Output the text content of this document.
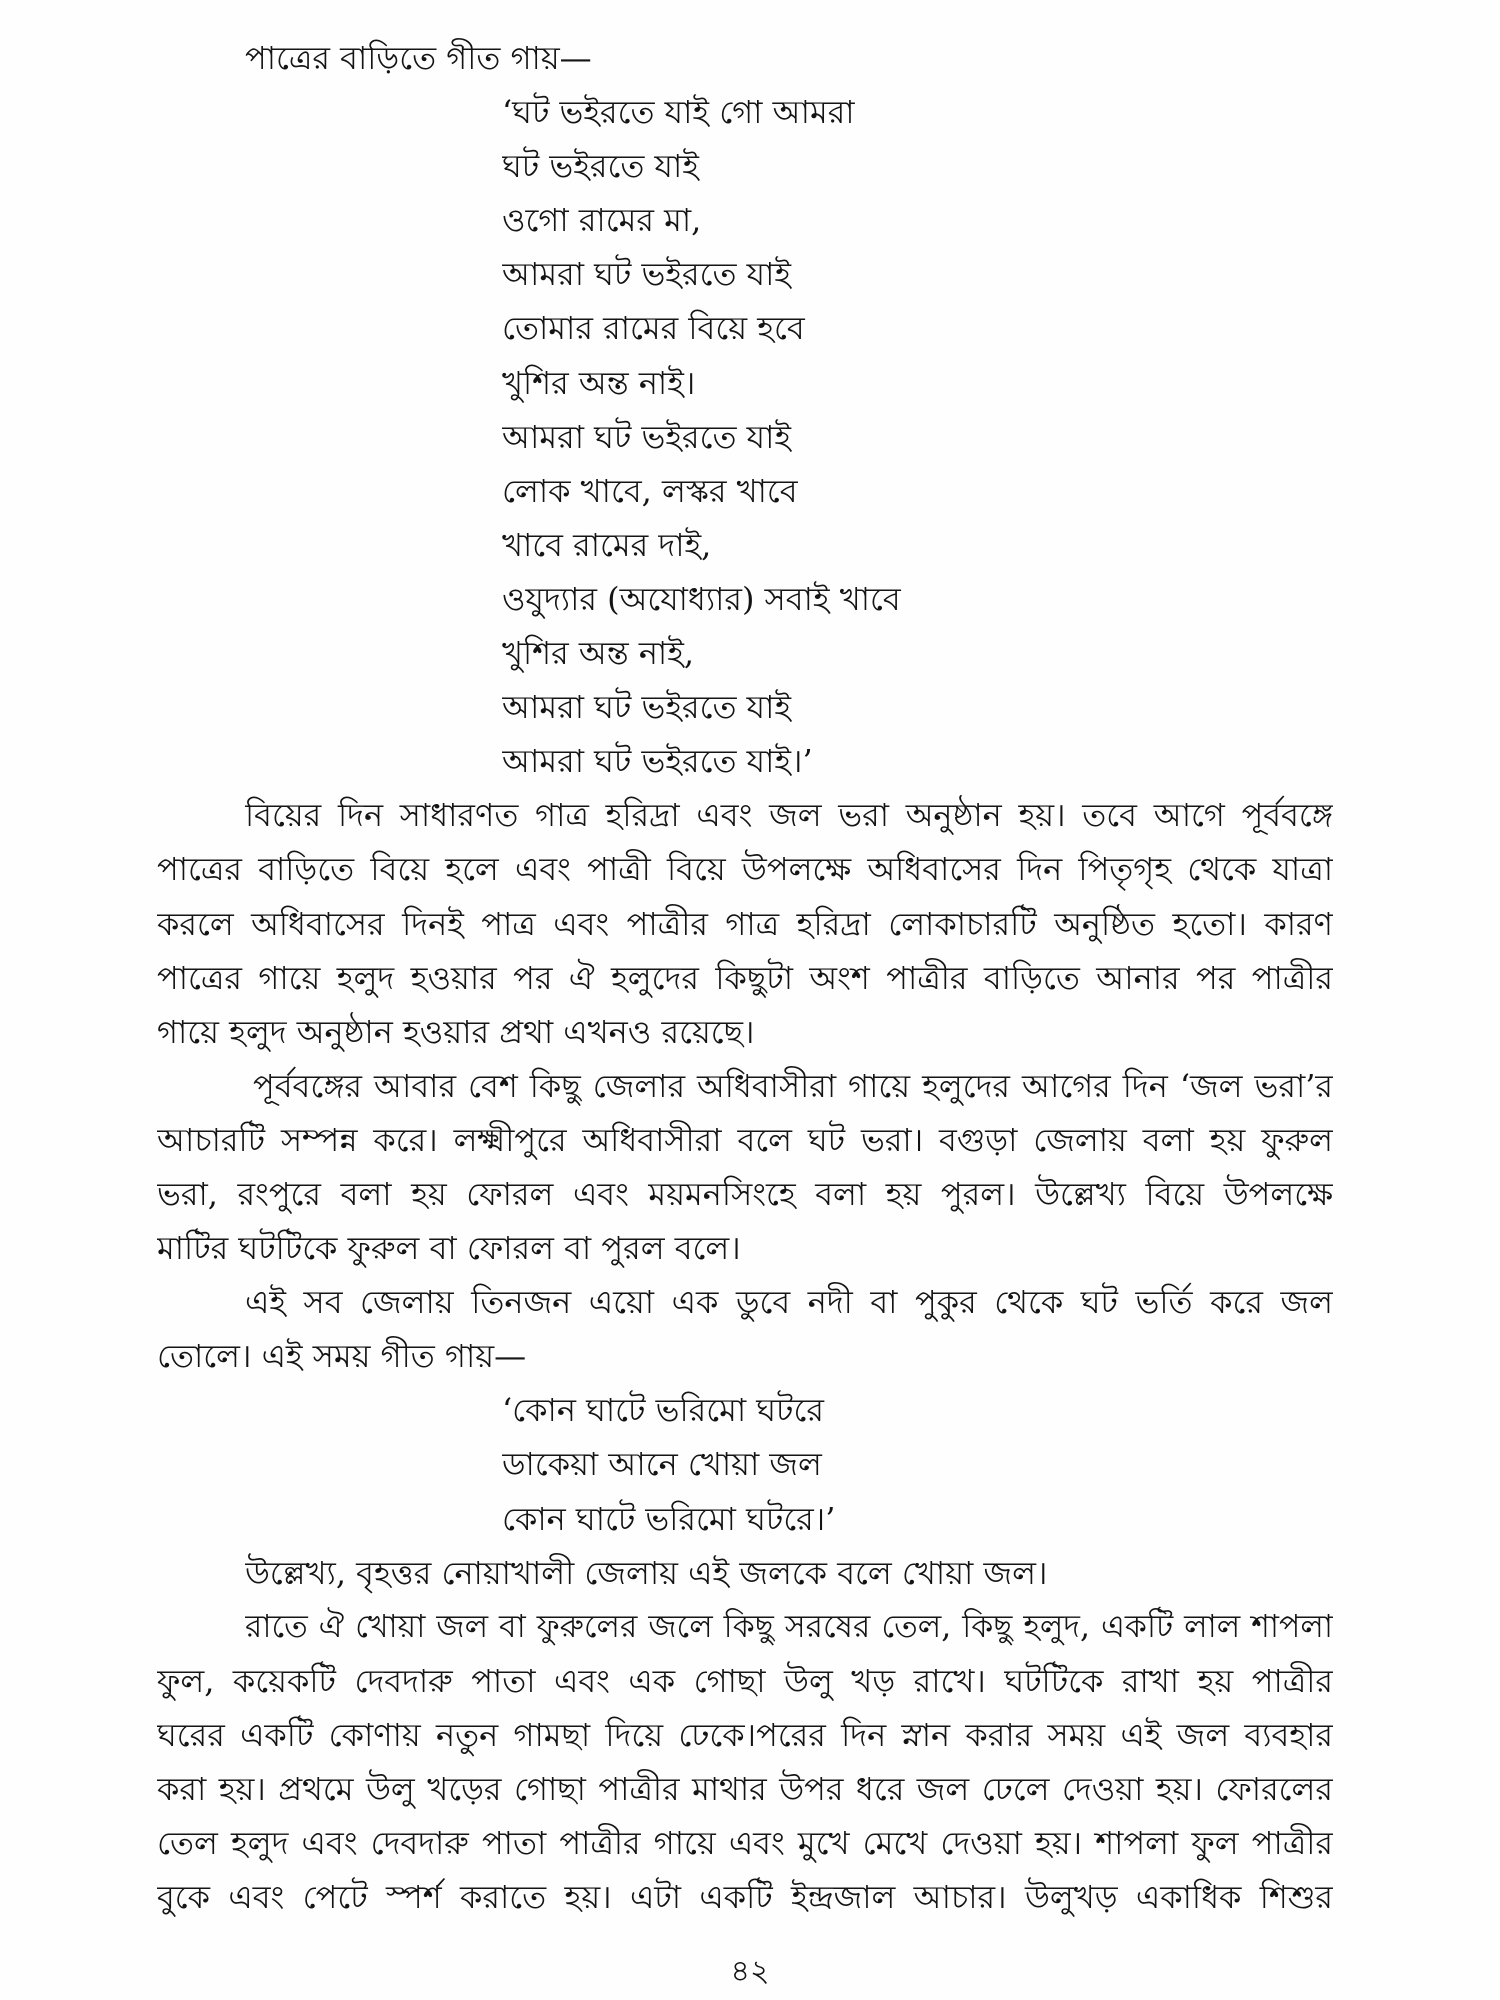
পাত্রের বাড়িতে গীত গায়—
‘ঘট ভইরতে যাই গো আমরা
ঘট ভইরতে যাই
ওগো রামের মা,
আমরা ঘট ভইরতে যাই
তোমার রামের বিয়ে হবে
খুশির অন্ত নাই।
আমরা ঘট ভইরতে যাই
লোক খাবে, লস্কর খাবে
খাবে রামের দাই,
ওযুদ্যার (অযোধ্যার) সবাই খাবে
খুশির অন্ত নাই,
আমরা ঘট ভইরতে যাই
আমরা ঘট ভইরতে যাই।’
বিয়ের দিন সাধারণত গাত্র হরিদ্রা এবং জল ভরা অনুষ্ঠান হয়। তবে আগে পূর্ববঙ্গে
পাত্রের বাড়িতে বিয়ে হলে এবং পাত্রী বিয়ে উপলক্ষে অধিবাসের দিন পিতৃগৃহ থেকে যাত্রা
করলে অধিবাসের দিনই পাত্র এবং পাত্রীর গাত্র হরিদ্রা লোকাচারটি অনুষ্ঠিত হতো। কারণ
পাত্রের গায়ে হলুদ হওয়ার পর ঐ হলুদের কিছুটা অংশ পাত্রীর বাড়িতে আনার পর পাত্রীর
গায়ে হলুদ অনুষ্ঠান হওয়ার প্রথা এখনও রয়েছে।
পূর্ববঙ্গের আবার বেশ কিছু জেলার অধিবাসীরা গায়ে হলুদের আগের দিন ‘জল ভরা’র
আচারটি সম্পন্ন করে। লক্ষ্মীপুরে অধিবাসীরা বলে ঘট ভরা। বগুড়া জেলায় বলা হয় ফুরুল
ভরা, রংপুরে বলা হয় ফোরল এবং ময়মনসিংহে বলা হয় পুরল। উল্লেখ্য বিয়ে উপলক্ষে
মাটির ঘটটিকে ফুরুল বা ফোরল বা পুরল বলে।
এই সব জেলায় তিনজন এয়ো এক ডুবে নদী বা পুকুর থেকে ঘট ভর্তি করে জল
তোলে। এই সময় গীত গায়—
‘কোন ঘাটে ভরিমো ঘটরে
ডাকেয়া আনে খোয়া জল
কোন ঘাটে ভরিমো ঘটরে।’
উল্লেখ্য, বৃহত্তর নোয়াখালী জেলায় এই জলকে বলে খোয়া জল।
রাতে ঐ খোয়া জল বা ফুরুলের জলে কিছু সরষের তেল, কিছু হলুদ, একটি লাল শাপলা
ফুল, কয়েকটি দেবদারু পাতা এবং এক গোছা উলু খড় রাখে। ঘটটিকে রাখা হয় পাত্রীর
ঘরের একটি কোণায় নতুন গামছা দিয়ে ঢেকে।পরের দিন স্নান করার সময় এই জল ব্যবহার
করা হয়। প্রথমে উলু খড়ের গোছা পাত্রীর মাথার উপর ধরে জল ঢেলে দেওয়া হয়। ফোরলের
তেল হলুদ এবং দেবদারু পাতা পাত্রীর গায়ে এবং মুখে মেখে দেওয়া হয়। শাপলা ফুল পাত্রীর
বুকে এবং পেটে স্পর্শ করাতে হয়। এটা একটি ইন্দ্রজাল আচার। উলুখড় একাধিক শিশুর
৪২
